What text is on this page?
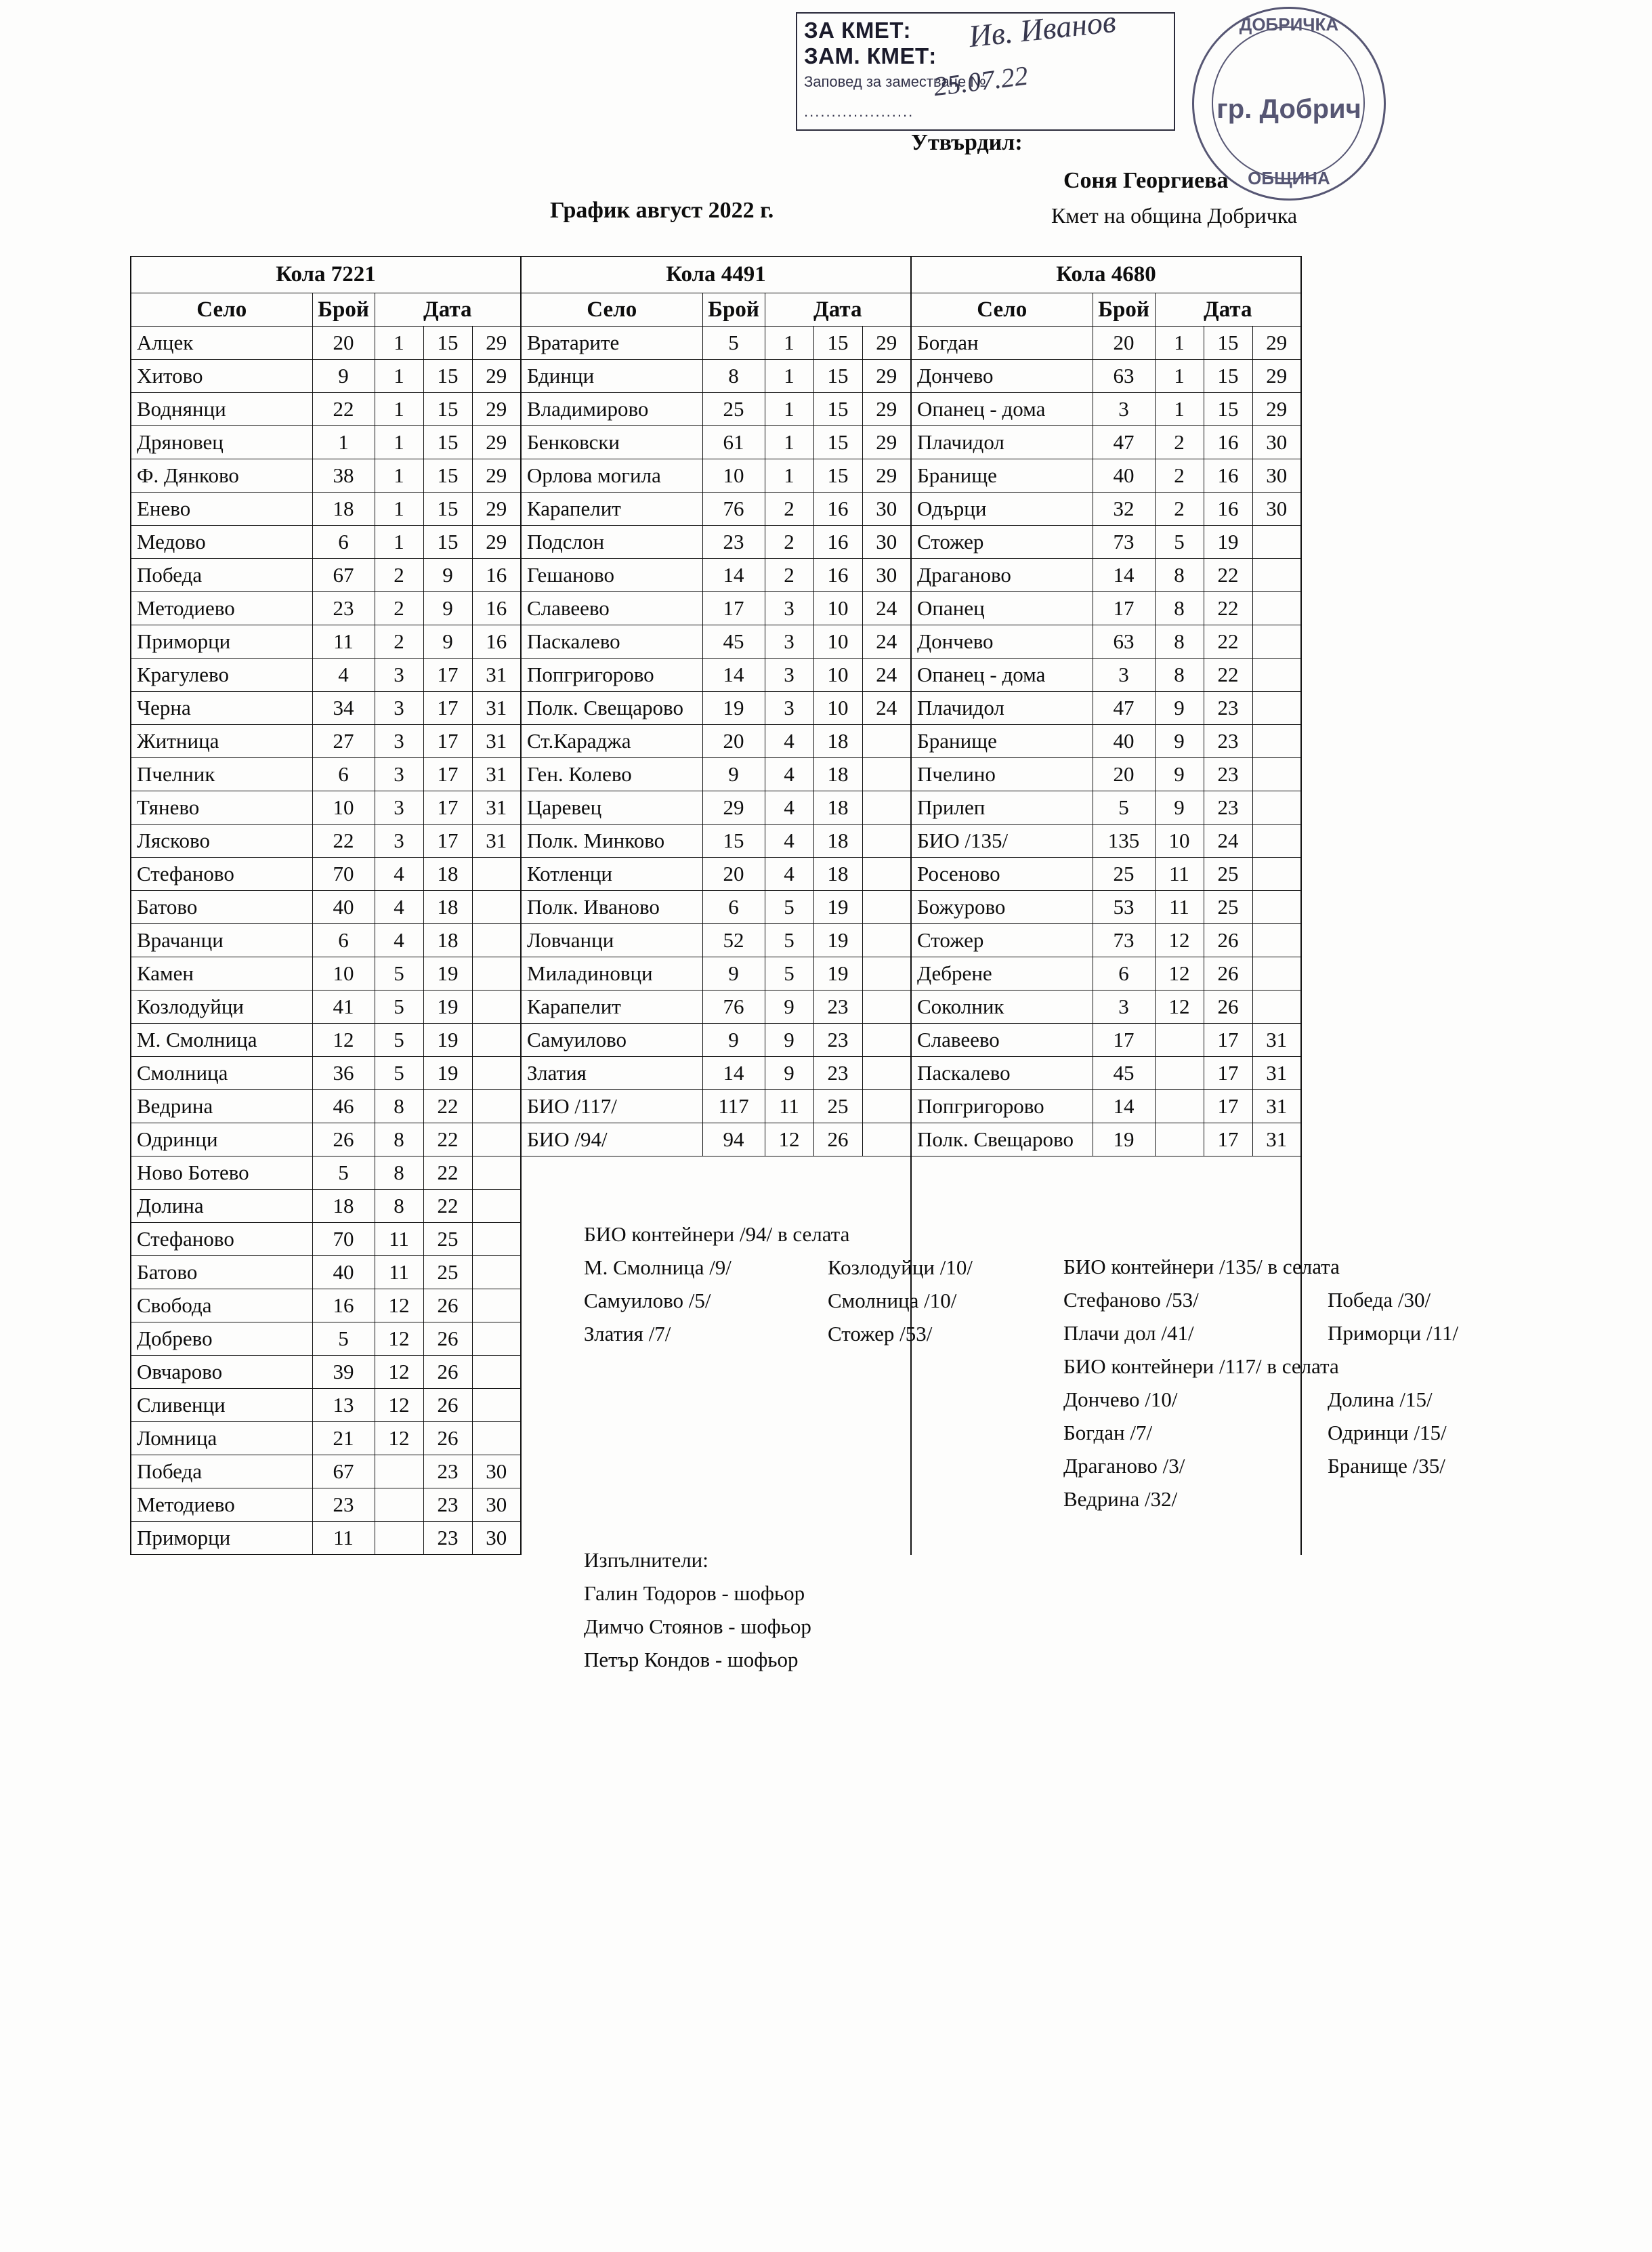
ЗА КМЕТ:
ЗАМ. КМЕТ:
Заповед за заместване №
....................
Ив. Иванов
25.07.22
ДОБРИЧКА
гр. Добрич
ОБЩИНА
Утвърдил:
Соня Георгиева
Кмет на община Добричка
График август 2022 г.
Кола 7221					Кола 4491					Кола 4680				
Село	Брой	Дата			Село	Брой	Дата			Село	Брой	Дата		
Алцек	20	1	15	29	Вратарите	5	1	15	29	Богдан	20	1	15	29
Хитово	9	1	15	29	Бдинци	8	1	15	29	Дончево	63	1	15	29
Воднянци	22	1	15	29	Владимирово	25	1	15	29	Опанец - дома	3	1	15	29
Дряновец	1	1	15	29	Бенковски	61	1	15	29	Плачидол	47	2	16	30
Ф. Дянково	38	1	15	29	Орлова могила	10	1	15	29	Бранище	40	2	16	30
Енево	18	1	15	29	Карапелит	76	2	16	30	Одърци	32	2	16	30
Медово	6	1	15	29	Подслон	23	2	16	30	Стожер	73	5	19	
Победа	67	2	9	16	Гешаново	14	2	16	30	Драганово	14	8	22	
Методиево	23	2	9	16	Славеево	17	3	10	24	Опанец	17	8	22	
Приморци	11	2	9	16	Паскалево	45	3	10	24	Дончево	63	8	22	
Крагулево	4	3	17	31	Попгригорово	14	3	10	24	Опанец - дома	3	8	22	
Черна	34	3	17	31	Полк. Свещарово	19	3	10	24	Плачидол	47	9	23	
Житница	27	3	17	31	Ст.Караджа	20	4	18		Бранище	40	9	23	
Пчелник	6	3	17	31	Ген. Колево	9	4	18		Пчелино	20	9	23	
Тянево	10	3	17	31	Царевец	29	4	18		Прилеп	5	9	23	
Лясково	22	3	17	31	Полк. Минково	15	4	18		БИО /135/	135	10	24	
Стефаново	70	4	18		Котленци	20	4	18		Росеново	25	11	25	
Батово	40	4	18		Полк. Иваново	6	5	19		Божурово	53	11	25	
Врачанци	6	4	18		Ловчанци	52	5	19		Стожер	73	12	26	
Камен	10	5	19		Миладиновци	9	5	19		Дебрене	6	12	26	
Козлодуйци	41	5	19		Карапелит	76	9	23		Соколник	3	12	26	
М. Смолница	12	5	19		Самуилово	9	9	23		Славеево	17		17	31
Смолница	36	5	19		Златия	14	9	23		Паскалево	45		17	31
Ведрина	46	8	22		БИО /117/	117	11	25		Попгригорово	14		17	31
Одринци	26	8	22		БИО /94/	94	12	26		Полк. Свещарово	19		17	31
Ново Ботево	5	8	22											
Долина	18	8	22											
Стефаново	70	11	25											
Батово	40	11	25											
Свобода	16	12	26											
Добрево	5	12	26											
Овчарово	39	12	26											
Сливенци	13	12	26											
Ломница	21	12	26											
Победа	67		23	30										
Методиево	23		23	30										
Приморци	11		23	30										
БИО контейнери /94/ в селата
М. Смолница /9/	Козлодуйци /10/
Самуилово /5/	Смолница /10/
Златия /7/	Стожер /53/
БИО контейнери /135/ в селата
Стефаново /53/	Победа /30/
Плачи дол /41/	Приморци /11/
БИО контейнери /117/ в селата
Дончево /10/	Долина /15/
Богдан /7/	Одринци /15/
Драганово /3/	Бранище /35/
Ведрина /32/
Изпълнители:
Галин Тодоров - шофьор
Димчо Стоянов - шофьор
Петър Кондов - шофьор
